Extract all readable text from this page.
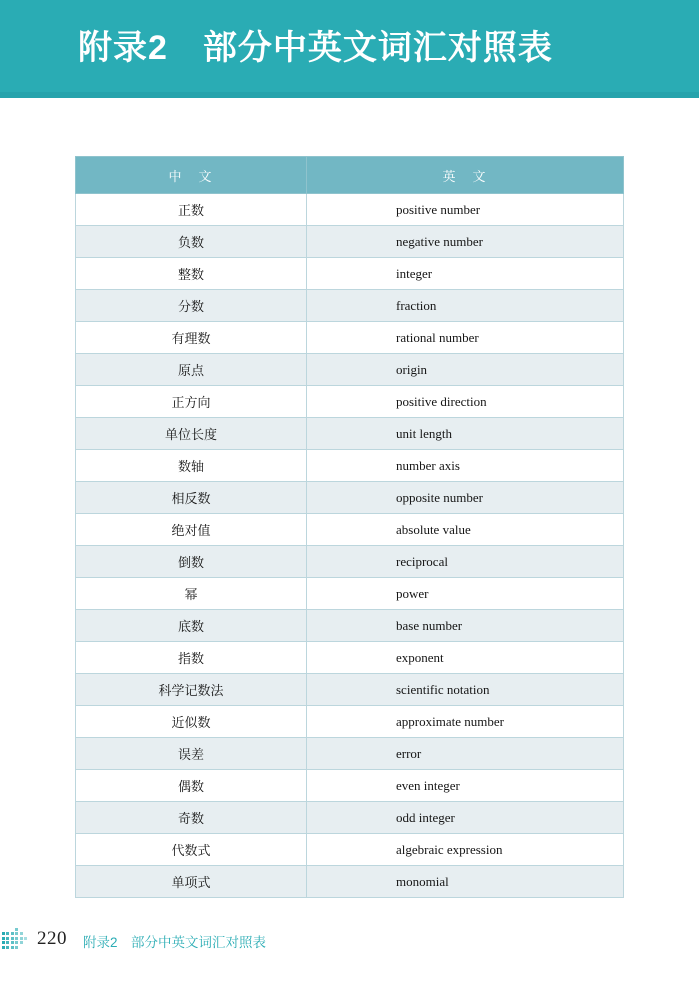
附录2　部分中英文词汇对照表
中　文	英　文
正数	positive number
负数	negative number
整数	integer
分数	fraction
有理数	rational number
原点	origin
正方向	positive direction
单位长度	unit length
数轴	number axis
相反数	opposite number
绝对值	absolute value
倒数	reciprocal
幂	power
底数	base number
指数	exponent
科学记数法	scientific notation
近似数	approximate number
误差	error
偶数	even integer
奇数	odd integer
代数式	algebraic expression
单项式	monomial
220 附录2　部分中英文词汇对照表
